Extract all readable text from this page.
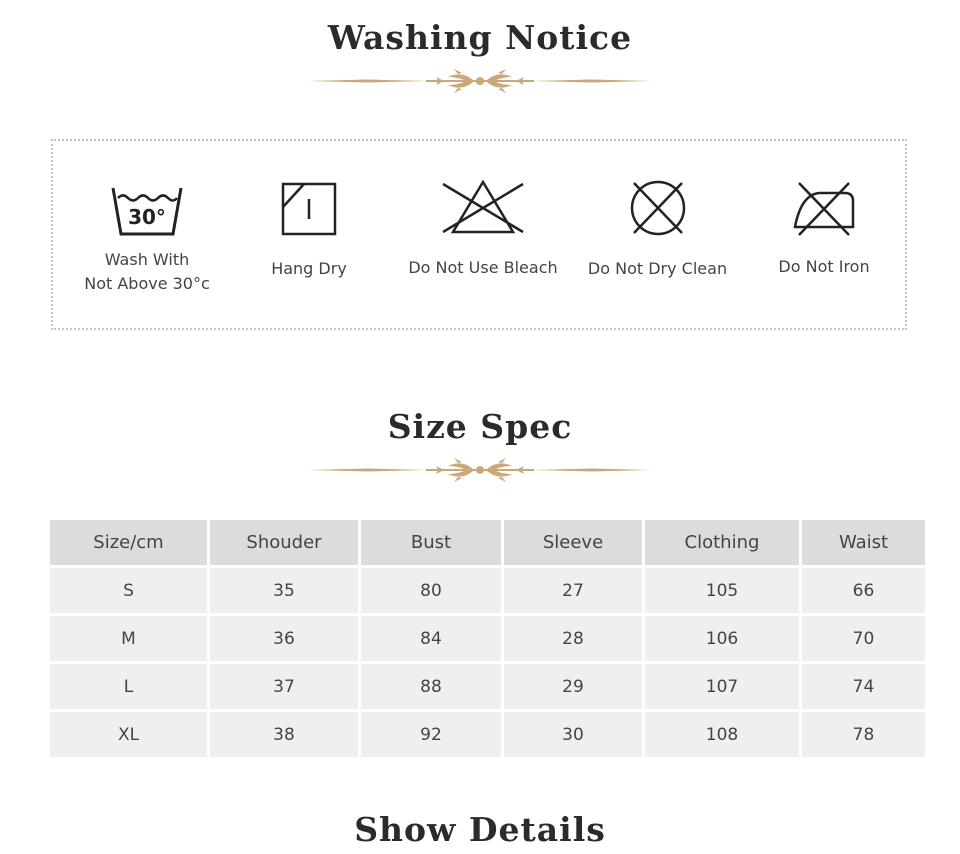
Washing Notice
30°
Wash With
Not Above 30°c
Hang Dry	Do Not Use Bleach	Do Not Dry Clean	Do Not Iron
Size Spec
Size/cm	Shouder	Bust	Sleeve	Clothing	Waist
S	35	80	27	105	66
M	36	84	28	106	70
L	37	88	29	107	74
XL	38	92	30	108	78
Show Details
